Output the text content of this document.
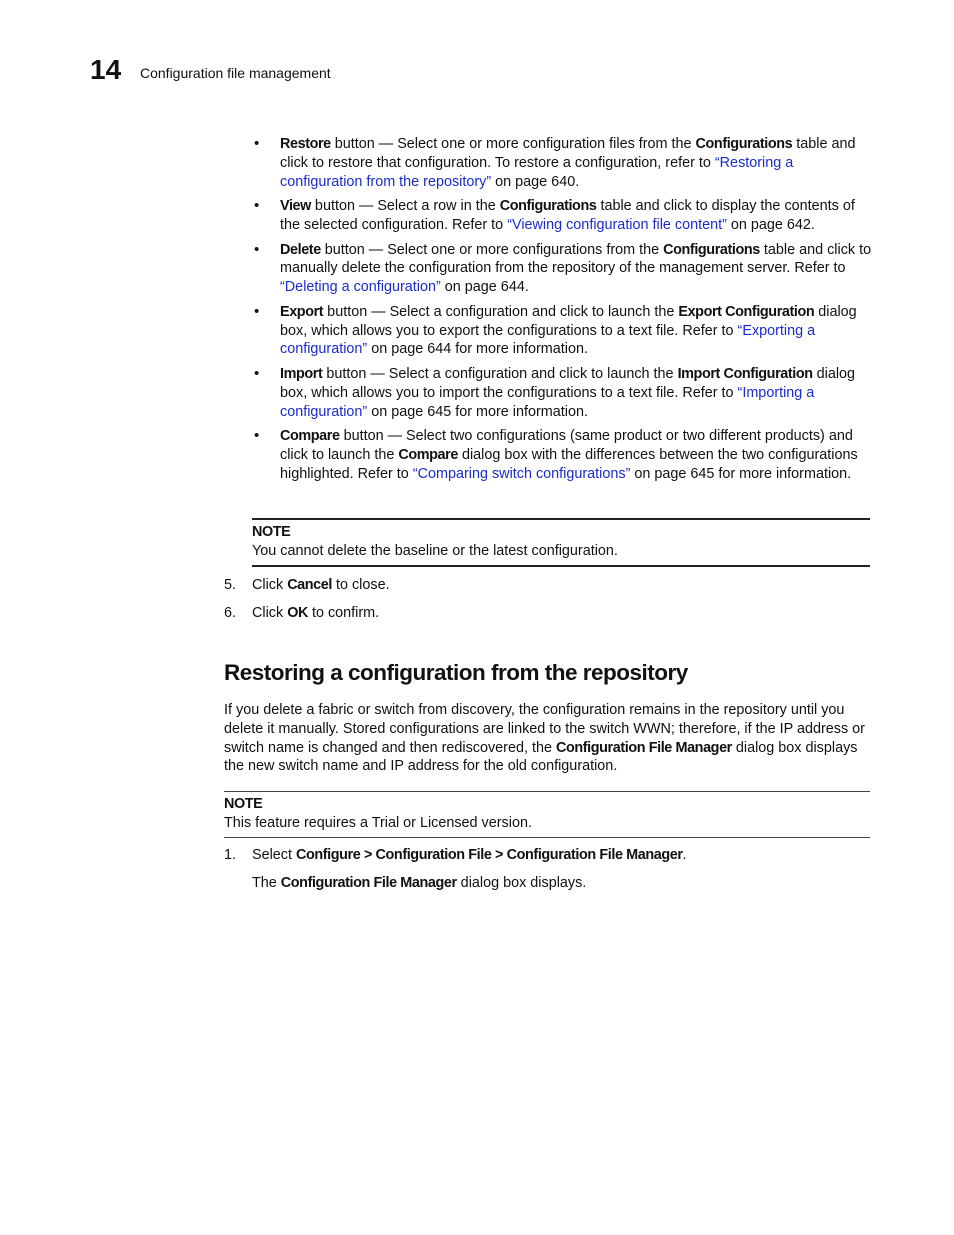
14 Configuration file management
• Restore button — Select one or more configuration files from the Configurations table and click to restore that configuration. To restore a configuration, refer to “Restoring a configuration from the repository” on page 640.
• View button — Select a row in the Configurations table and click to display the contents of the selected configuration. Refer to “Viewing configuration file content” on page 642.
• Delete button — Select one or more configurations from the Configurations table and click to manually delete the configuration from the repository of the management server. Refer to “Deleting a configuration” on page 644.
• Export button — Select a configuration and click to launch the Export Configuration dialog box, which allows you to export the configurations to a text file. Refer to “Exporting a configuration” on page 644 for more information.
• Import button — Select a configuration and click to launch the Import Configuration dialog box, which allows you to import the configurations to a text file. Refer to “Importing a configuration” on page 645 for more information.
• Compare button — Select two configurations (same product or two different products) and click to launch the Compare dialog box with the differences between the two configurations highlighted. Refer to “Comparing switch configurations” on page 645 for more information.
NOTE
You cannot delete the baseline or the latest configuration.
5. Click Cancel to close.
6. Click OK to confirm.
Restoring a configuration from the repository

If you delete a fabric or switch from discovery, the configuration remains in the repository until you delete it manually. Stored configurations are linked to the switch WWN; therefore, if the IP address or switch name is changed and then rediscovered, the Configuration File Manager dialog box displays the new switch name and IP address for the old configuration.

NOTE
This feature requires a Trial or Licensed version.
1. Select Configure > Configuration File > Configuration File Manager.

The Configuration File Manager dialog box displays.
